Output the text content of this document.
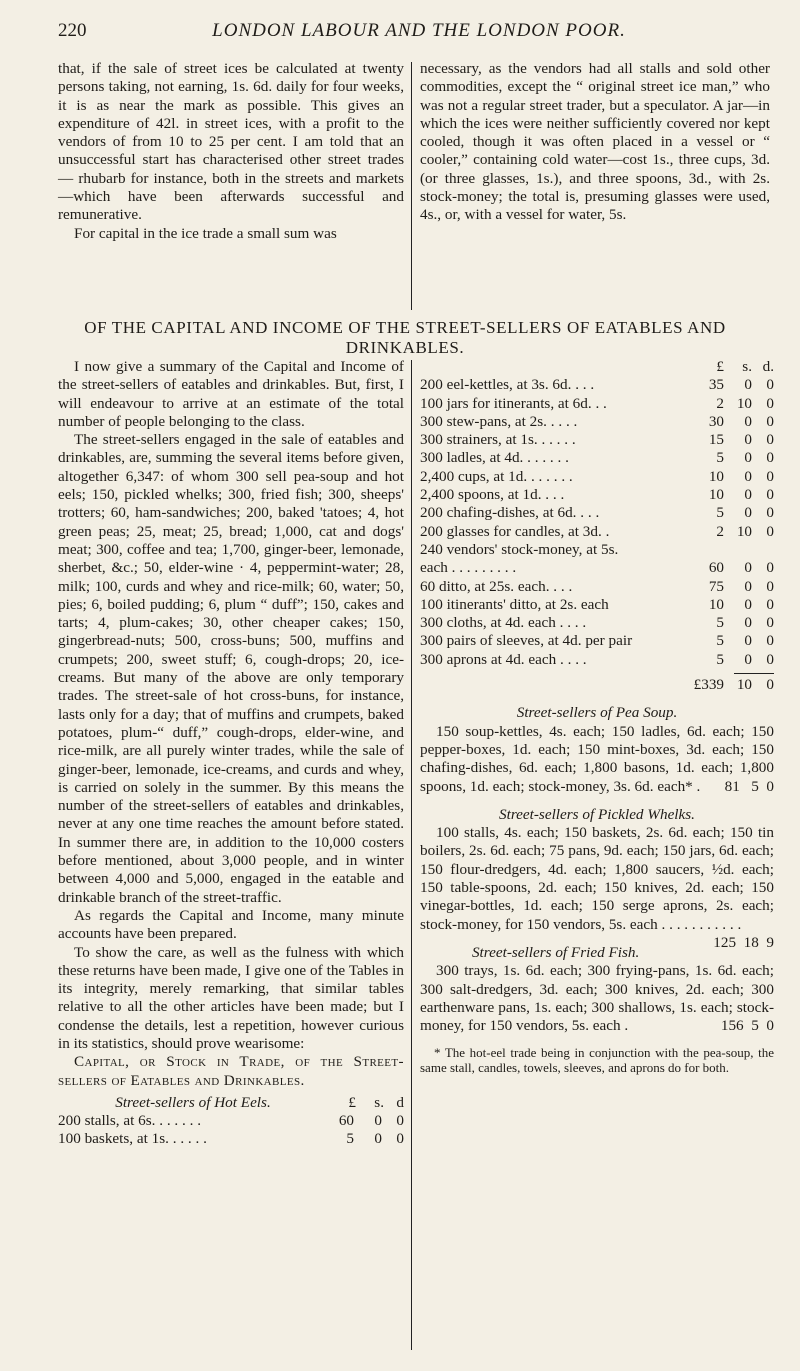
220	LONDON LABOUR AND THE LONDON POOR.

that, if the sale of street ices be calculated at twenty persons taking, not earning, 1s. 6d. daily for four weeks, it is as near the mark as possible. This gives an expenditure of 42l. in street ices, with a profit to the vendors of from 10 to 25 per cent. I am told that an unsuccessful start has characterised other street trades — rhubarb for instance, both in the streets and markets—which have been afterwards successful and remunerative.

For capital in the ice trade a small sum was

necessary, as the vendors had all stalls and sold other commodities, except the “ original street ice man,” who was not a regular street trader, but a speculator. A jar—in which the ices were neither sufficiently covered nor kept cooled, though it was often placed in a vessel or “ cooler,” containing cold water—cost 1s., three cups, 3d. (or three glasses, 1s.), and three spoons, 3d., with 2s. stock-money; the total is, presuming glasses were used, 4s., or, with a vessel for water, 5s.

OF THE CAPITAL AND INCOME OF THE STREET-SELLERS OF EATABLES AND DRINKABLES.

I now give a summary of the Capital and Income of the street-sellers of eatables and drinkables. But, first, I will endeavour to arrive at an estimate of the total number of people belonging to the class.

The street-sellers engaged in the sale of eatables and drinkables, are, summing the several items before given, altogether 6,347: of whom 300 sell pea-soup and hot eels; 150, pickled whelks; 300, fried fish; 300, sheeps' trotters; 60, ham-sandwiches; 200, baked 'tatoes; 4, hot green peas; 25, meat; 25, bread; 1,000, cat and dogs' meat; 300, coffee and tea; 1,700, ginger-beer, lemonade, sherbet, &c.; 50, elder-wine · 4, peppermint-water; 28, milk; 100, curds and whey and rice-milk; 60, water; 50, pies; 6, boiled pudding; 6, plum “ duff”; 150, cakes and tarts; 4, plum-cakes; 30, other cheaper cakes; 150, gingerbread-nuts; 500, cross-buns; 500, muffins and crumpets; 200, sweet stuff; 6, cough-drops; 20, ice-creams. But many of the above are only temporary trades. The street-sale of hot cross-buns, for instance, lasts only for a day; that of muffins and crumpets, baked potatoes, plum-“ duff,” cough-drops, elder-wine, and rice-milk, are all purely winter trades, while the sale of ginger-beer, lemonade, ice-creams, and curds and whey, is carried on solely in the summer. By this means the number of the street-sellers of eatables and drinkables, never at any one time reaches the amount before stated. In summer there are, in addition to the 10,000 costers before mentioned, about 3,000 people, and in winter between 4,000 and 5,000, engaged in the eatable and drinkable branch of the street-traffic.

As regards the Capital and Income, many minute accounts have been prepared.

To show the care, as well as the fulness with which these returns have been made, I give one of the Tables in its integrity, merely remarking, that similar tables relative to all the other articles have been made; but I condense the details, lest a repetition, however curious in its statistics, should prove wearisome:

Capital, or Stock in Trade, of the Street-sellers of Eatables and Drinkables.

Street-sellers of Hot Eels.	£	s. d
200 stalls, at 6s. . . . . . .	60	0 0
100 baskets, at 1s. . . . . .	5	0 0
£	s. d.
200 eel-kettles, at 3s. 6d. . . .	35	0 0
100 jars for itinerants, at 6d. . .	2 10 0
300 stew-pans, at 2s. . . . .	30	0 0
300 strainers, at 1s. . . . . .	15	0 0
300 ladles, at 4d. . . . . . .	5	0 0
2,400 cups, at 1d. . . . . . .	10	0 0
2,400 spoons, at 1d. . . .	10	0 0
200 chafing-dishes, at 6d. . . .	5	0 0
200 glasses for candles, at 3d. .	2 10 0
240 vendors' stock-money, at 5s.
each . . . . . . . . .	60	0 0
60 ditto, at 25s. each. . . .	75	0 0
100 itinerants' ditto, at 2s. each	10	0 0
300 cloths, at 4d. each . . . .	5	0 0
300 pairs of sleeves, at 4d. per pair	5	0 0
300 aprons at 4d. each . . . .	5	0 0
£339 10 0
Street-sellers of Pea Soup.
150 soup-kettles, 4s. each; 150 ladles, 6d. each; 150 pepper-boxes, 1d. each; 150 mint-boxes, 3d. each; 150 chafing-dishes, 6d. each; 1,800 basons, 1d. each; 1,800 spoons, 1d. each; stock-money, 3s. 6d. each* .	81 5 0
Street-sellers of Pickled Whelks.
100 stalls, 4s. each; 150 baskets, 2s. 6d. each; 150 tin boilers, 2s. 6d. each; 75 pans, 9d. each; 150 jars, 6d. each; 150 flour-dredgers, 4d. each; 1,800 saucers, ½d. each; 150 table-spoons, 2d. each; 150 knives, 2d. each; 150 vinegar-bottles, 1d. each; 150 serge aprons, 2s. each; stock-money, for 150 vendors, 5s. each . . . . . . . . . . .
125 18 9
Street-sellers of Fried Fish.
300 trays, 1s. 6d. each; 300 frying-pans, 1s. 6d. each; 300 salt-dredgers, 3d. each; 300 knives, 2d. each; 300 earthenware pans, 1s. each; 300 shallows, 1s. each; stock-money, for 150 vendors, 5s. each .	156 5 0
* The hot-eel trade being in conjunction with the pea-soup, the same stall, candles, towels, sleeves, and aprons do for both.
